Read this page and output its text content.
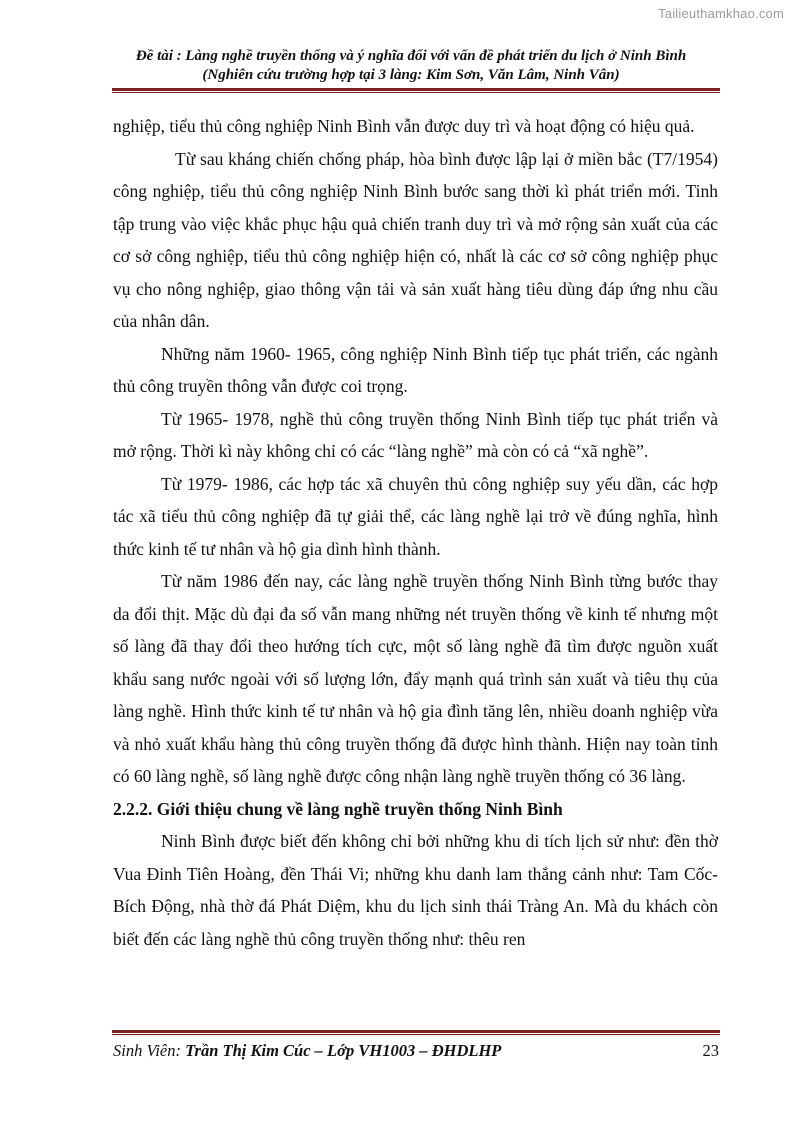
Tailieuthamkhao.com
Đề tài : Làng nghề truyền thống và ý nghĩa đối với vấn đề phát triển du lịch ở Ninh Bình
(Nghiên cứu trường hợp tại 3 làng: Kim Sơn, Văn Lâm, Ninh Vân)

nghiệp, tiểu thủ công nghiệp Ninh Bình vẫn được duy trì và hoạt động có hiệu quả.

Từ sau kháng chiến chống pháp, hòa bình được lập lại ở miền bắc (T7/1954) công nghiệp, tiểu thủ công nghiệp Ninh Bình bước sang thời kì phát triển mới. Tinh tập trung vào việc khắc phục hậu quả chiến tranh duy trì và mở rộng sản xuất của các cơ sở công nghiệp, tiểu thủ công nghiệp hiện có, nhất là các cơ sở công nghiệp phục vụ cho nông nghiệp, giao thông vận tải và sản xuất hàng tiêu dùng đáp ứng nhu cầu của nhân dân.

Những năm 1960- 1965, công nghiệp Ninh Bình tiếp tục phát triển, các ngành thủ công truyền thông vẫn được coi trọng.

Từ 1965- 1978, nghề thủ công truyền thống Ninh Bình tiếp tục phát triển và mở rộng. Thời kì này không chỉ có các “làng nghề” mà còn có cả “xã nghề”.

Từ 1979- 1986, các hợp tác xã chuyên thủ công nghiệp suy yếu dần, các hợp tác xã tiểu thủ công nghiệp đã tự giải thể, các làng nghề lại trở về đúng nghĩa, hình thức kinh tế tư nhân và hộ gia dình hình thành.

Từ năm 1986 đến nay, các làng nghề truyền thống Ninh Bình từng bước thay da đổi thịt. Mặc dù đại đa số vẫn mang những nét truyền thống về kinh tế nhưng một số làng đã thay đổi theo hướng tích cực, một số làng nghề đã tìm được nguồn xuất khẩu sang nước ngoài với số lượng lớn, đẩy mạnh quá trình sản xuất và tiêu thụ của làng nghề. Hình thức kinh tế tư nhân và hộ gia đình tăng lên, nhiều doanh nghiệp vừa và nhỏ xuất khẩu hàng thủ công truyền thống đã được hình thành. Hiện nay toàn tỉnh có 60 làng nghề, số làng nghề được công nhận làng nghề truyền thống có 36 làng.

2.2.2. Giới thiệu chung về làng nghề truyền thống Ninh Bình

Ninh Bình được biết đến không chỉ bởi những khu di tích lịch sử như: đền thờ Vua Đinh Tiên Hoàng, đền Thái Vi; những khu danh lam thắng cảnh như: Tam Cốc- Bích Động, nhà thờ đá Phát Diệm, khu du lịch sinh thái Tràng An. Mà du khách còn biết đến các làng nghề thủ công truyền thống như: thêu ren

Sinh Viên: Trần Thị Kim Cúc – Lớp VH1003 – ĐHDLHP	23
